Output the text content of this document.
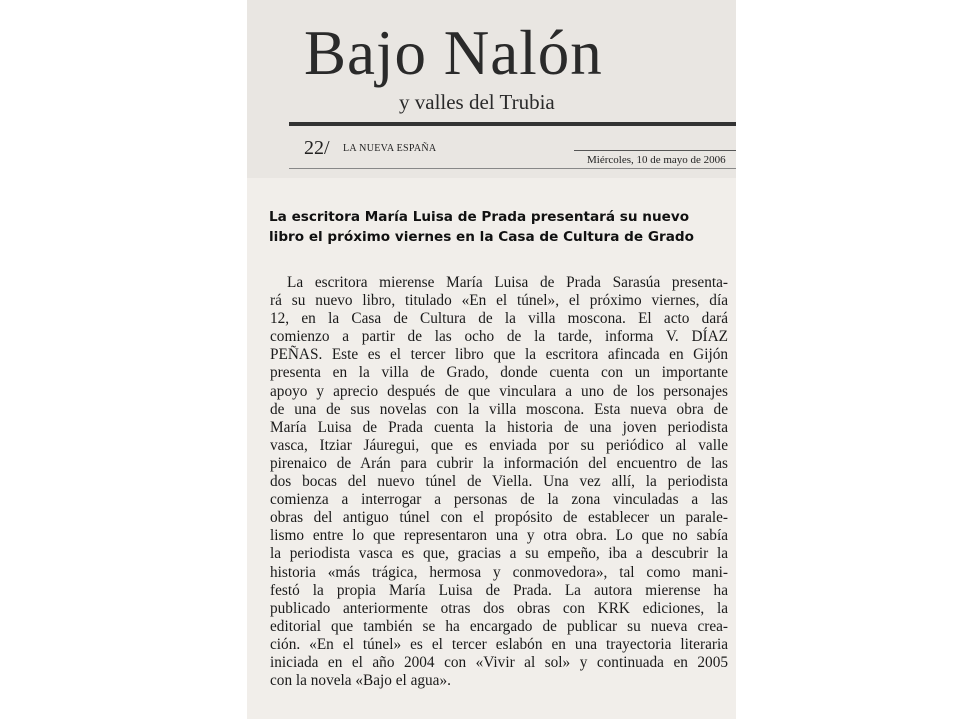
Bajo Nalón
y valles del Trubia
22/ LA NUEVA ESPAÑA
Miércoles, 10 de mayo de 2006
La escritora María Luisa de Prada presentará su nuevo
libro el próximo viernes en la Casa de Cultura de Grado
La escritora mierense María Luisa de Prada Sarasúa presenta-
rá su nuevo libro, titulado «En el túnel», el próximo viernes, día
12, en la Casa de Cultura de la villa moscona. El acto dará
comienzo a partir de las ocho de la tarde, informa V. DÍAZ
PEÑAS. Este es el tercer libro que la escritora afincada en Gijón
presenta en la villa de Grado, donde cuenta con un importante
apoyo y aprecio después de que vinculara a uno de los personajes
de una de sus novelas con la villa moscona. Esta nueva obra de
María Luisa de Prada cuenta la historia de una joven periodista
vasca, Itziar Jáuregui, que es enviada por su periódico al valle
pirenaico de Arán para cubrir la información del encuentro de las
dos bocas del nuevo túnel de Viella. Una vez allí, la periodista
comienza a interrogar a personas de la zona vinculadas a las
obras del antiguo túnel con el propósito de establecer un parale-
lismo entre lo que representaron una y otra obra. Lo que no sabía
la periodista vasca es que, gracias a su empeño, iba a descubrir la
historia «más trágica, hermosa y conmovedora», tal como mani-
festó la propia María Luisa de Prada. La autora mierense ha
publicado anteriormente otras dos obras con KRK ediciones, la
editorial que también se ha encargado de publicar su nueva crea-
ción. «En el túnel» es el tercer eslabón en una trayectoria literaria
iniciada en el año 2004 con «Vivir al sol» y continuada en 2005
con la novela «Bajo el agua».
